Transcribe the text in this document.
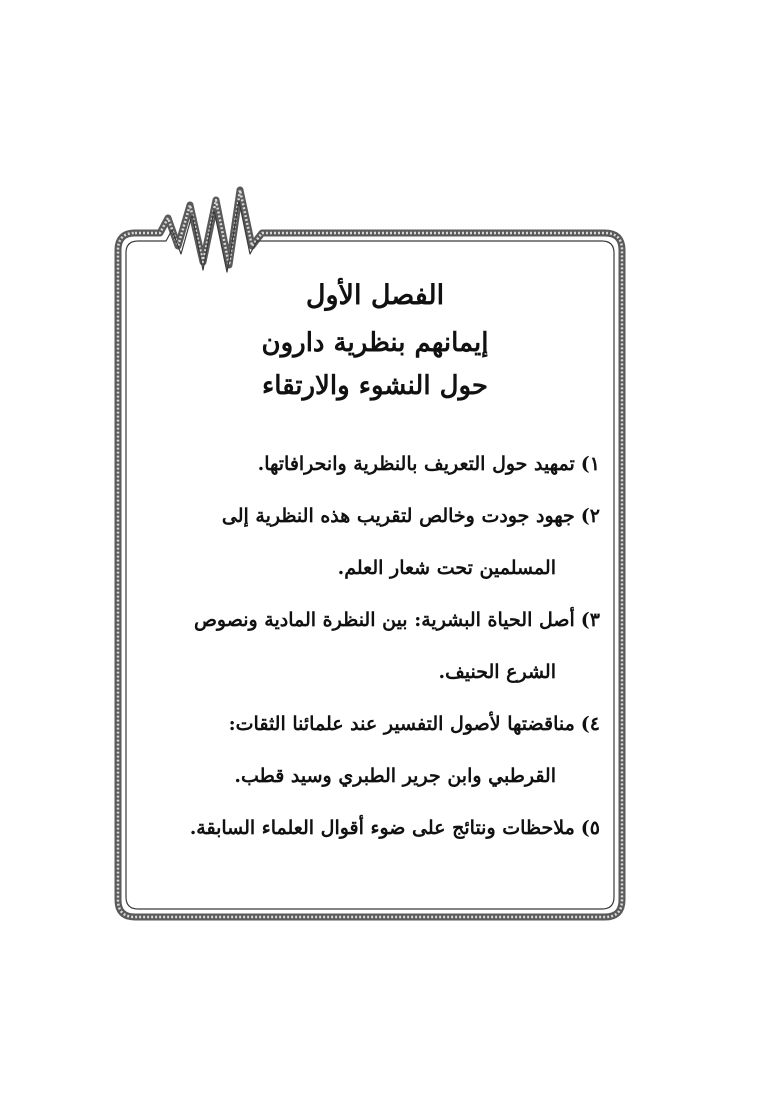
الفصل الأول

إيمانهم بنظرية دارون

حول النشوء والارتقاء

١)تمهيد حول التعريف بالنظرية وانحرافاتها.
٢)جهود جودت وخالص لتقريب هذه النظرية إلى
المسلمين تحت شعار العلم.
٣)أصل الحياة البشرية: بين النظرة المادية ونصوص
الشرع الحنيف.
٤)مناقضتها لأصول التفسير عند علمائنا الثقات:
القرطبي وابن جرير الطبري وسيد قطب.
٥)ملاحظات ونتائج على ضوء أقوال العلماء السابقة.
